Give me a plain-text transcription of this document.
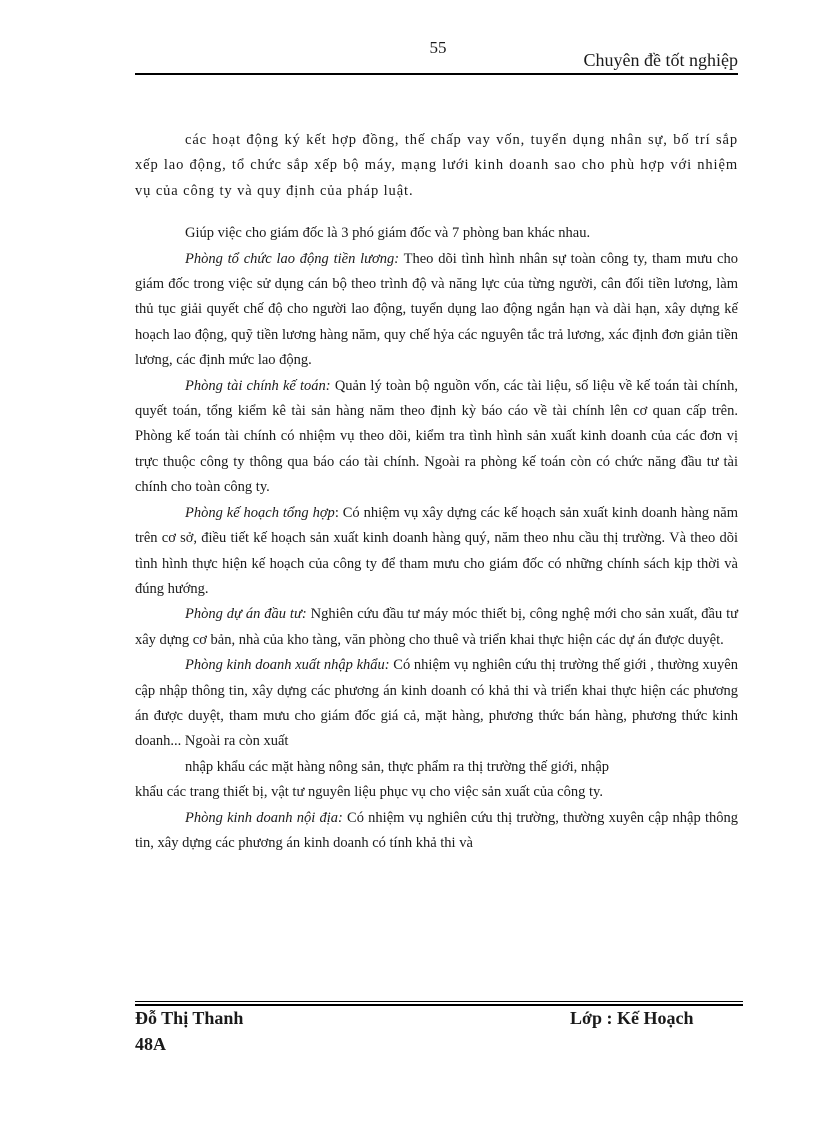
55
Chuyên đề tốt nghiệp

các hoạt động ký kết hợp đồng, thế chấp vay vốn, tuyển dụng nhân sự, bố trí sắp xếp lao động, tổ chức sắp xếp bộ máy, mạng lưới kinh doanh sao cho phù hợp với nhiệm vụ của công ty và quy định của pháp luật.

Giúp việc cho giám đốc là 3 phó giám đốc và 7 phòng ban khác nhau.

Phòng tổ chức lao động tiền lương: Theo dõi tình hình nhân sự toàn công ty, tham mưu cho giám đốc trong việc sử dụng cán bộ theo trình độ và năng lực của từng người, cân đối tiền lương, làm thủ tục giải quyết chế độ cho người lao động, tuyển dụng lao động ngắn hạn và dài hạn, xây dựng kế hoạch lao động, quỹ tiền lương hàng năm, quy chế hỷa các nguyên tắc trả lương, xác định đơn giản tiền lương, các định mức lao động.

Phòng tài chính kế toán: Quản lý toàn bộ nguồn vốn, các tài liệu, số liệu về kế toán tài chính, quyết toán, tổng kiểm kê tài sản hàng năm theo định kỳ báo cáo về tài chính lên cơ quan cấp trên. Phòng kế toán tài chính có nhiệm vụ theo dõi, kiểm tra tình hình sản xuất kinh doanh của các đơn vị trực thuộc công ty thông qua báo cáo tài chính. Ngoài ra phòng kế toán còn có chức năng đầu tư tài chính cho toàn công ty.

Phòng kế hoạch tổng hợp: Có nhiệm vụ xây dựng các kế hoạch sản xuất kinh doanh hàng năm trên cơ sở, điều tiết kế hoạch sản xuất kinh doanh hàng quý, năm theo nhu cầu thị trường. Và theo dõi tình hình thực hiện kế hoạch của công ty để tham mưu cho giám đốc có những chính sách kịp thời và đúng hướng.

Phòng dự án đầu tư: Nghiên cứu đầu tư máy móc thiết bị, công nghệ mới cho sản xuất, đầu tư xây dựng cơ bản, nhà của kho tàng, văn phòng cho thuê và triển khai thực hiện các dự án được duyệt.

Phòng kinh doanh xuất nhập khẩu: Có nhiệm vụ nghiên cứu thị trường thế giới , thường xuyên cập nhập thông tin, xây dựng các phương án kinh doanh có khả thi và triển khai thực hiện các phương án được duyệt, tham mưu cho giám đốc giá cả, mặt hàng, phương thức bán hàng, phương thức kinh doanh... Ngoài ra còn xuất

nhập khẩu các mặt hàng nông sản, thực phẩm ra thị trường thế giới, nhập

khẩu các trang thiết bị, vật tư nguyên liệu phục vụ cho việc sản xuất của công ty.

Phòng kinh doanh nội địa: Có nhiệm vụ nghiên cứu thị trường, thường xuyên cập nhập thông tin, xây dựng các phương án kinh doanh có tính khả thi và

Đỗ Thị Thanh
48A
Lớp : Kế Hoạch
